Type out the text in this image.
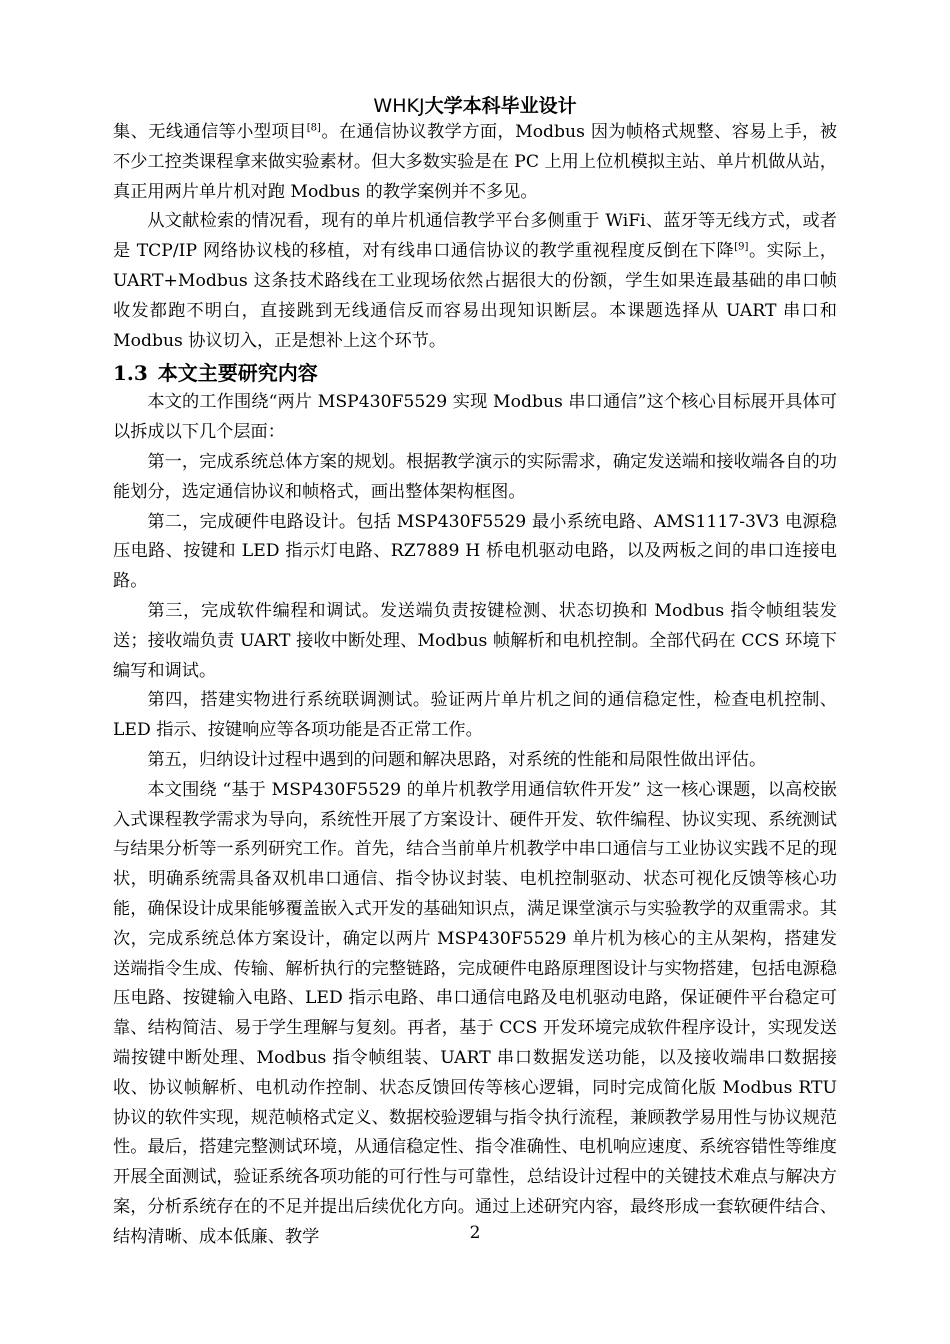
WHKJ大学本科毕业设计

集、无线通信等小型项目[8]。在通信协议教学方面，Modbus 因为帧格式规整、容易上手，被不少工控类课程拿来做实验素材。但大多数实验是在 PC 上用上位机模拟主站、单片机做从站，真正用两片单片机对跑 Modbus 的教学案例并不多见。

从文献检索的情况看，现有的单片机通信教学平台多侧重于 WiFi、蓝牙等无线方式，或者是 TCP/IP 网络协议栈的移植，对有线串口通信协议的教学重视程度反倒在下降[9]。实际上，UART+Modbus 这条技术路线在工业现场依然占据很大的份额，学生如果连最基础的串口帧收发都跑不明白，直接跳到无线通信反而容易出现知识断层。本课题选择从 UART 串口和 Modbus 协议切入，正是想补上这个环节。

1.3 本文主要研究内容

本文的工作围绕“两片 MSP430F5529 实现 Modbus 串口通信”这个核心目标展开具体可以拆成以下几个层面：

第一，完成系统总体方案的规划。根据教学演示的实际需求，确定发送端和接收端各自的功能划分，选定通信协议和帧格式，画出整体架构框图。

第二，完成硬件电路设计。包括 MSP430F5529 最小系统电路、AMS1117-3V3 电源稳压电路、按键和 LED 指示灯电路、RZ7889 H 桥电机驱动电路，以及两板之间的串口连接电路。

第三，完成软件编程和调试。发送端负责按键检测、状态切换和 Modbus 指令帧组装发送；接收端负责 UART 接收中断处理、Modbus 帧解析和电机控制。全部代码在 CCS 环境下编写和调试。

第四，搭建实物进行系统联调测试。验证两片单片机之间的通信稳定性，检查电机控制、LED 指示、按键响应等各项功能是否正常工作。

第五，归纳设计过程中遇到的问题和解决思路，对系统的性能和局限性做出评估。

本文围绕 “基于 MSP430F5529 的单片机教学用通信软件开发” 这一核心课题，以高校嵌入式课程教学需求为导向，系统性开展了方案设计、硬件开发、软件编程、协议实现、系统测试与结果分析等一系列研究工作。首先，结合当前单片机教学中串口通信与工业协议实践不足的现状，明确系统需具备双机串口通信、指令协议封装、电机控制驱动、状态可视化反馈等核心功能，确保设计成果能够覆盖嵌入式开发的基础知识点，满足课堂演示与实验教学的双重需求。其次，完成系统总体方案设计，确定以两片 MSP430F5529 单片机为核心的主从架构，搭建发送端指令生成、传输、解析执行的完整链路，完成硬件电路原理图设计与实物搭建，包括电源稳压电路、按键输入电路、LED 指示电路、串口通信电路及电机驱动电路，保证硬件平台稳定可靠、结构简洁、易于学生理解与复刻。再者，基于 CCS 开发环境完成软件程序设计，实现发送端按键中断处理、Modbus 指令帧组装、UART 串口数据发送功能，以及接收端串口数据接收、协议帧解析、电机动作控制、状态反馈回传等核心逻辑，同时完成简化版 Modbus RTU 协议的软件实现，规范帧格式定义、数据校验逻辑与指令执行流程，兼顾教学易用性与协议规范性。最后，搭建完整测试环境，从通信稳定性、指令准确性、电机响应速度、系统容错性等维度开展全面测试，验证系统各项功能的可行性与可靠性，总结设计过程中的关键技术难点与解决方案，分析系统存在的不足并提出后续优化方向。通过上述研究内容，最终形成一套软硬件结合、结构清晰、成本低廉、教学	2
